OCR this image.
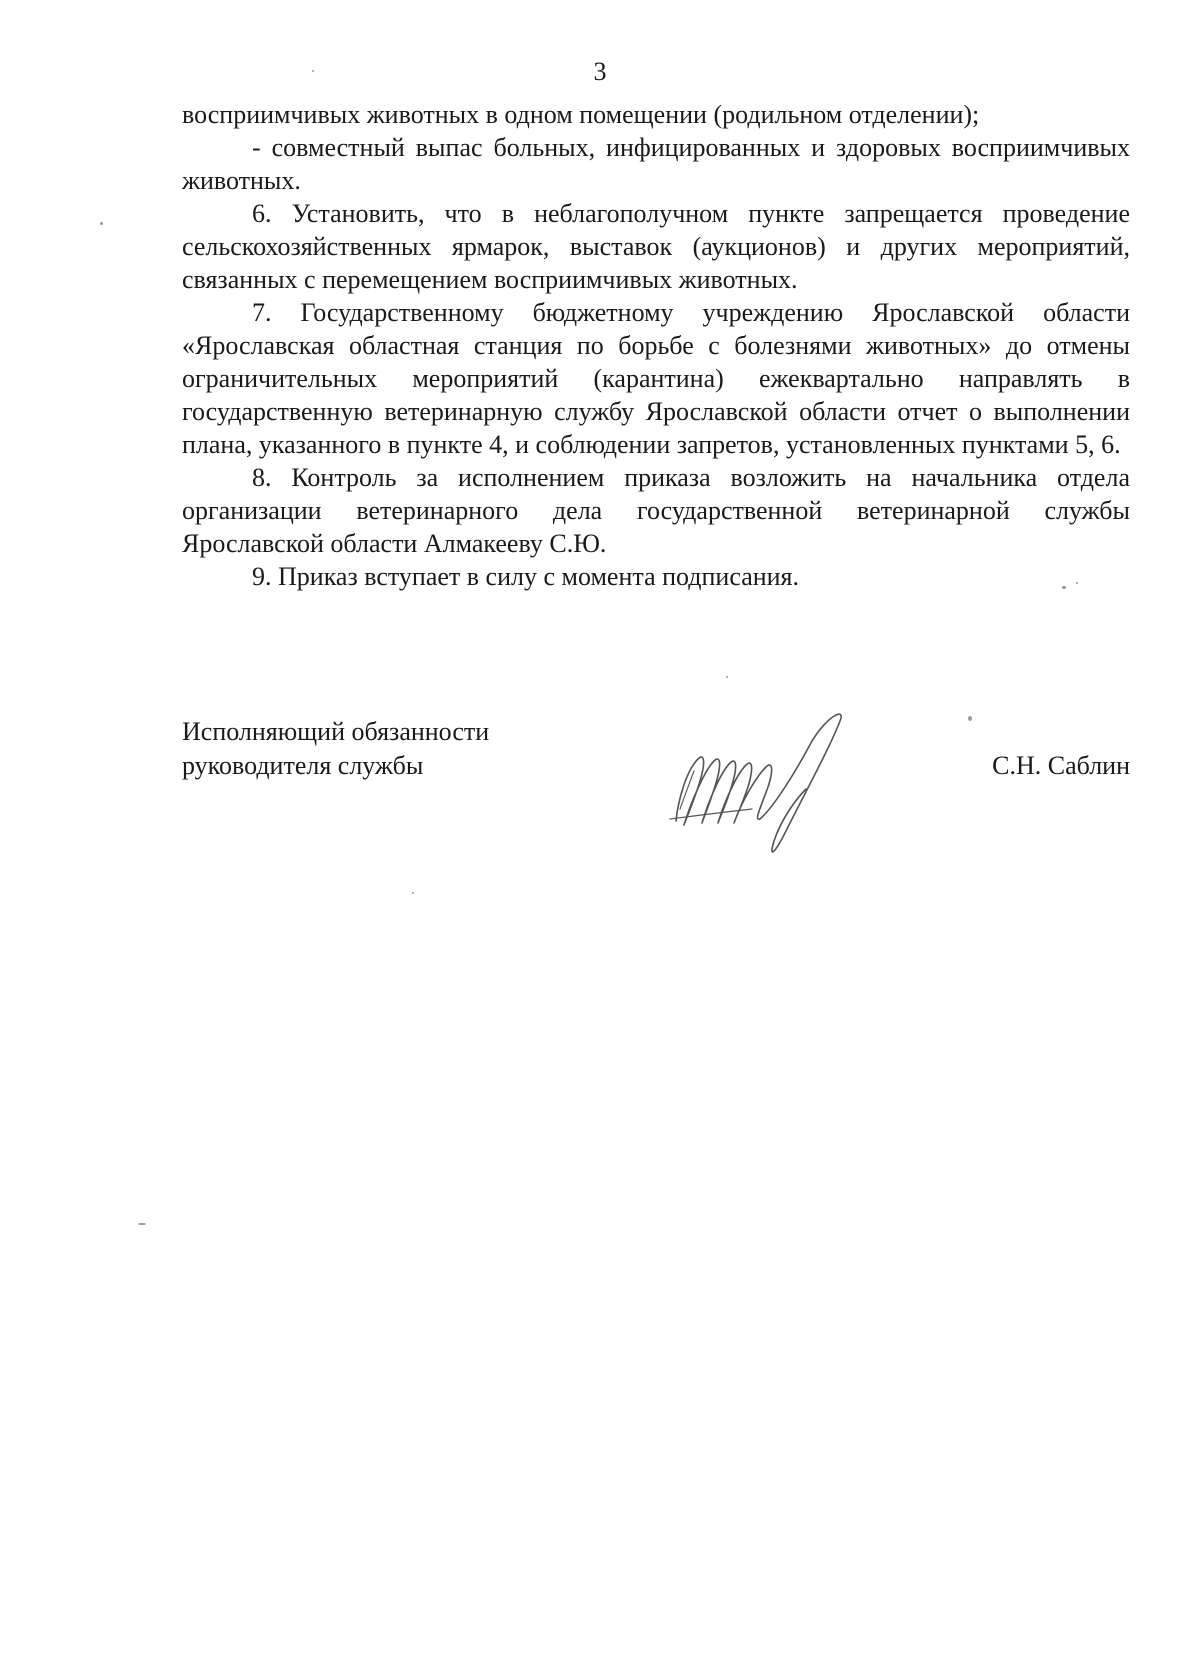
3

восприимчивых животных в одном помещении (родильном отделении);

- совместный выпас больных, инфицированных и здоровых восприимчивых животных.

6. Установить, что в неблагополучном пункте запрещается проведение сельскохозяйственных ярмарок, выставок (аукционов) и других мероприятий, связанных с перемещением восприимчивых животных.

7. Государственному бюджетному учреждению Ярославской области «Ярославская областная станция по борьбе с болезнями животных» до отмены ограничительных мероприятий (карантина) ежеквартально направлять в государственную ветеринарную службу Ярославской области отчет о выполнении плана, указанного в пункте 4, и соблюдении запретов, установленных пунктами 5, 6.

8. Контроль за исполнением приказа возложить на начальника отдела организации ветеринарного дела государственной ветеринарной службы Ярославской области Алмакееву С.Ю.

9. Приказ вступает в силу с момента подписания.

Исполняющий обязанности
руководителя службы	С.Н. Саблин
